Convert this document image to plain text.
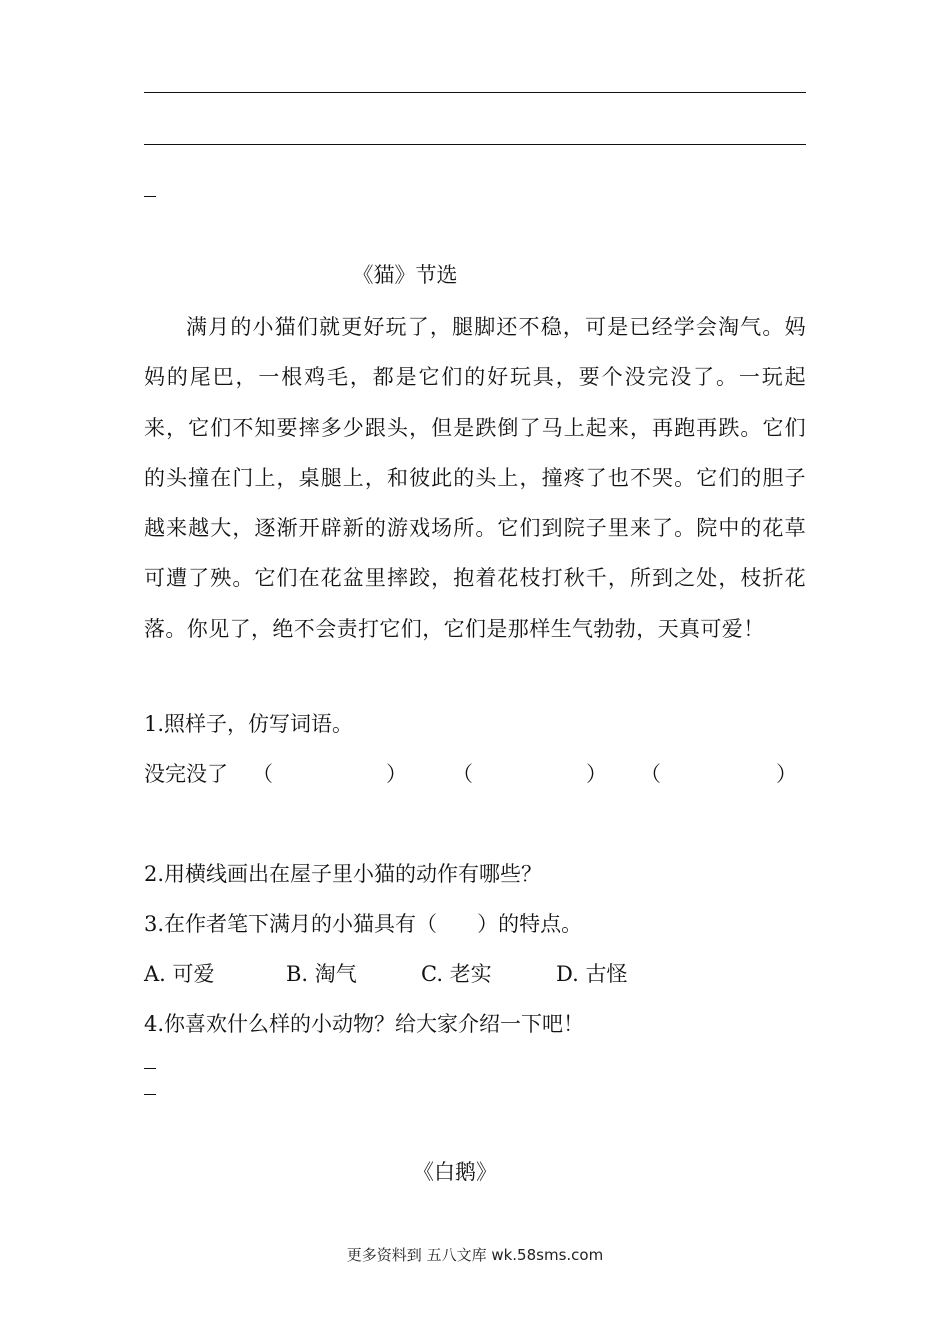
《猫》节选
满月的小猫们就更好玩了，腿脚还不稳，可是已经学会淘气。妈妈的尾巴，一根鸡毛，都是它们的好玩具，要个没完没了。一玩起来，它们不知要摔多少跟头，但是跌倒了马上起来，再跑再跌。它们的头撞在门上，桌腿上，和彼此的头上，撞疼了也不哭。它们的胆子越来越大，逐渐开辟新的游戏场所。它们到院子里来了。院中的花草可遭了殃。它们在花盆里摔跤，抱着花枝打秋千，所到之处，枝折花落。你见了，绝不会责打它们，它们是那样生气勃勃，天真可爱！
1.照样子，仿写词语。
没完没了 （	） （	） （	）
2.用横线画出在屋子里小猫的动作有哪些？
3.在作者笔下满月的小猫具有（      ）的特点。
A. 可爱	B. 淘气	C. 老实	D. 古怪
4.你喜欢什么样的小动物？给大家介绍一下吧！
《白鹅》
更多资料到 五八文库 wk.58sms.com
